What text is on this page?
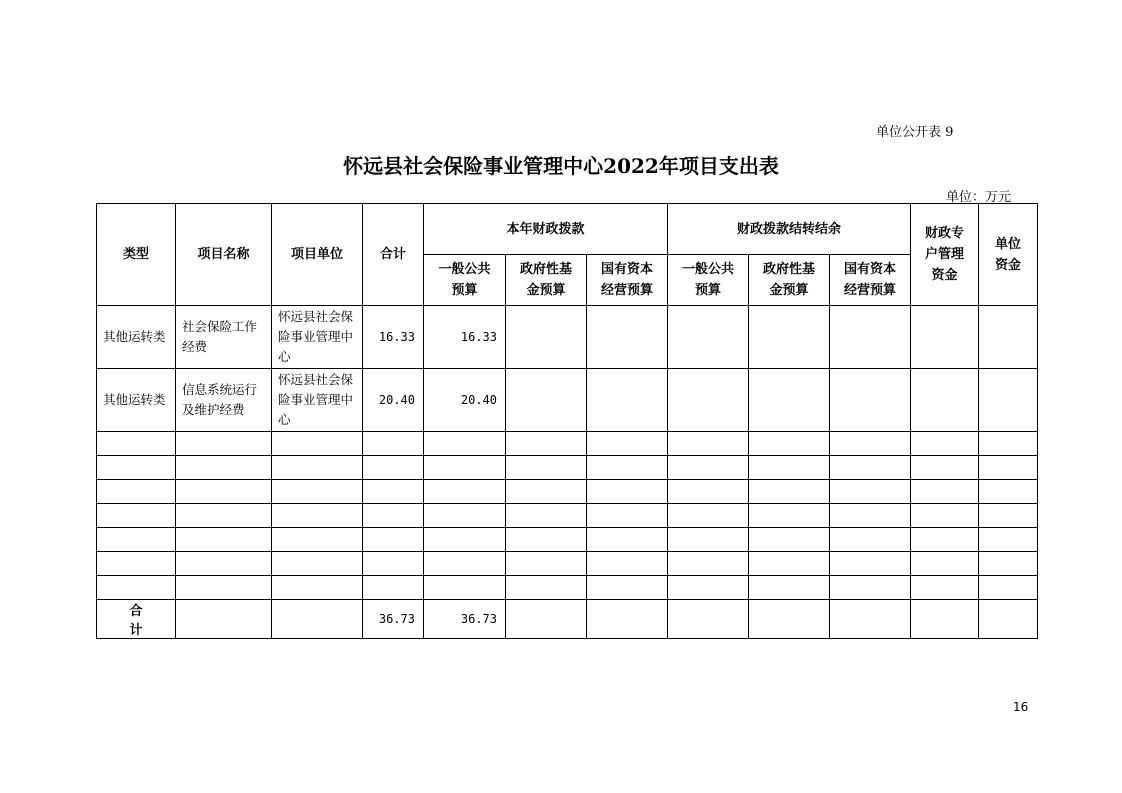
单位公开表 9
怀远县社会保险事业管理中心2022年项目支出表
单位：万元
类型	项目名称	项目单位	合计	本年财政拨款			财政拨款结转结余			财政专户管理资金	单位资金

				一般公共预算	政府性基金预算	国有资本经营预算	一般公共预算	政府性基金预算	国有资本经营预算		

其他运转类	社会保险工作经费	怀远县社会保险事业管理中心	16.33	16.33							
其他运转类	信息系统运行及维护经费	怀远县社会保险事业管理中心	20.40	20.40							

合计			36.73	36.73							
16
